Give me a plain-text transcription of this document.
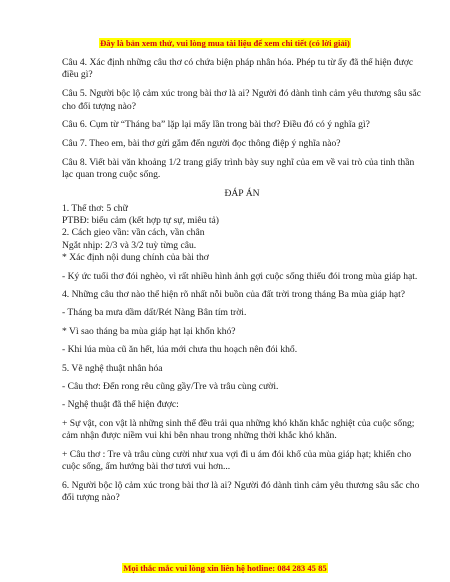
Đây là bản xem thử, vui lòng mua tài liệu để xem chi tiết (có lời giải)

Câu 4. Xác định những câu thơ có chứa biện pháp nhân hóa. Phép tu từ ấy đã thể hiện được điều gì?

Câu 5. Người bộc lộ cảm xúc trong bài thơ là ai? Người đó dành tình cảm yêu thương sâu sắc cho đối tượng nào?

Câu 6. Cụm từ “Tháng ba” lặp lại mấy lần trong bài thơ? Điều đó có ý nghĩa gì?

Câu 7. Theo em, bài thơ gửi gắm đến người đọc thông điệp ý nghĩa nào?

Câu 8. Viết bài văn khoảng 1/2 trang giấy trình bày suy nghĩ của em về vai trò của tinh thần lạc quan trong cuộc sống.

ĐÁP ÁN

1. Thể thơ: 5 chữ

PTBĐ: biểu cảm (kết hợp tự sự, miêu tả)

2. Cách gieo vần: vần cách, vần chân

Ngắt nhịp: 2/3 và 3/2 tuỳ từng câu.

* Xác định nội dung chính của bài thơ

- Ký ức tuổi thơ đói nghèo, vì rất nhiều hình ảnh gợi cuộc sống thiếu đói trong mùa giáp hạt.

4. Những câu thơ nào thể hiện rõ nhất nỗi buồn của đất trời trong tháng Ba mùa giáp hạt?

- Tháng ba mưa dầm dất/Rét Nàng Bân tím trời.

* Vì sao tháng ba mùa giáp hạt lại khốn khó?

- Khi lúa mùa cũ ăn hết, lúa mới chưa thu hoạch nên đói khổ.

5. Vẽ nghệ thuật nhân hóa

- Câu thơ: Đến rong rêu cũng gầy/Tre và trâu cùng cười.

- Nghệ thuật đã thể hiện được:

+ Sự vật, con vật là những sinh thể đều trải qua những khó khăn khắc nghiệt của cuộc sống; cảm nhận được niềm vui khi bên nhau trong những thời khắc khó khăn.

+ Câu thơ : Tre và trâu cùng cười như xua vợi đi u ám đói khổ của mùa giáp hạt; khiến cho cuộc sống, ấm hướng bài thơ tươi vui hơn...

6. Người bộc lộ cảm xúc trong bài thơ là ai? Người đó dành tình cảm yêu thương sâu sắc cho đối tượng nào?

Mọi thắc mắc vui lòng xin liên hệ hotline: 084 283 45 85
